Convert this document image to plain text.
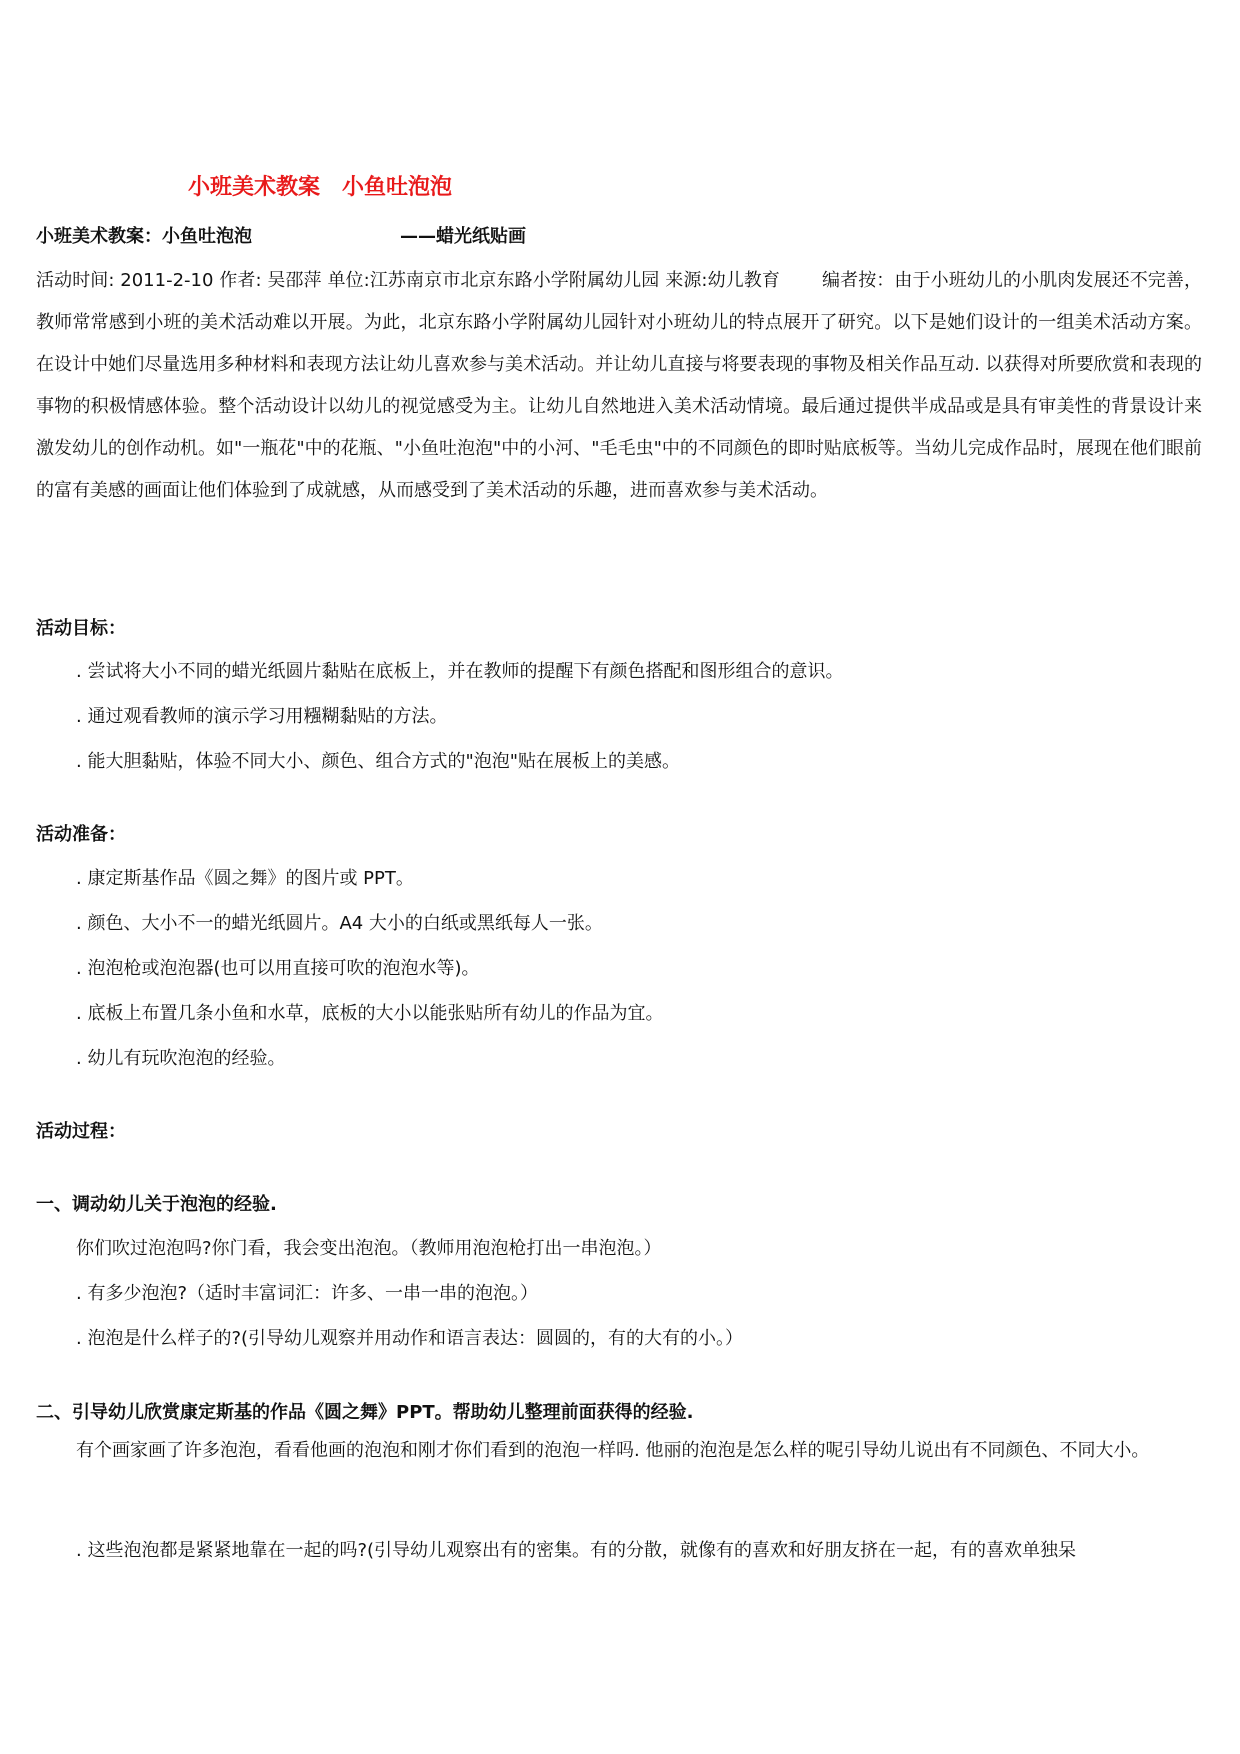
小班美术教案　小鱼吐泡泡
小班美术教案：小鱼吐泡泡	——蜡光纸贴画
活动时间: 2011-2-10 作者: 吴邵萍 单位:江苏南京市北京东路小学附属幼儿园 来源:幼儿教育　　 编者按：由于小班幼儿的小肌肉发展还不完善，教师常常感到小班的美术活动难以开展。为此，北京东路小学附属幼儿园针对小班幼儿的特点展开了研究。以下是她们设计的一组美术活动方案。在设计中她们尽量选用多种材料和表现方法让幼儿喜欢参与美术活动。并让幼儿直接与将要表现的事物及相关作品互动. 以获得对所要欣赏和表现的事物的积极情感体验。整个活动设计以幼儿的视觉感受为主。让幼儿自然地进入美术活动情境。最后通过提供半成品或是具有审美性的背景设计来激发幼儿的创作动机。如"一瓶花"中的花瓶、"小鱼吐泡泡"中的小河、"毛毛虫"中的不同颜色的即时贴底板等。当幼儿完成作品时，展现在他们眼前的富有美感的画面让他们体验到了成就感，从而感受到了美术活动的乐趣，进而喜欢参与美术活动。
活动目标：
. 尝试将大小不同的蜡光纸圆片黏贴在底板上，并在教师的提醒下有颜色搭配和图形组合的意识。
. 通过观看教师的演示学习用糨糊黏贴的方法。
. 能大胆黏贴，体验不同大小、颜色、组合方式的"泡泡"贴在展板上的美感。
活动准备：
. 康定斯基作品《圆之舞》的图片或 PPT。
. 颜色、大小不一的蜡光纸圆片。A4 大小的白纸或黑纸每人一张。
. 泡泡枪或泡泡器(也可以用直接可吹的泡泡水等)。
. 底板上布置几条小鱼和水草，底板的大小以能张贴所有幼儿的作品为宜。
. 幼儿有玩吹泡泡的经验。
活动过程：
一、调动幼儿关于泡泡的经验.
你们吹过泡泡吗?你门看，我会变出泡泡。（教师用泡泡枪打出一串泡泡。）
. 有多少泡泡?（适时丰富词汇：许多、一串一串的泡泡。）
. 泡泡是什么样子的?(引导幼儿观察并用动作和语言表达：圆圆的，有的大有的小。）
二、引导幼儿欣赏康定斯基的作品《圆之舞》PPT。帮助幼儿整理前面获得的经验.
有个画家画了许多泡泡，看看他画的泡泡和刚才你们看到的泡泡一样吗. 他丽的泡泡是怎么样的呢引导幼儿说出有不同颜色、不同大小。
. 这些泡泡都是紧紧地靠在一起的吗?(引导幼儿观察出有的密集。有的分散，就像有的喜欢和好朋友挤在一起，有的喜欢单独呆
